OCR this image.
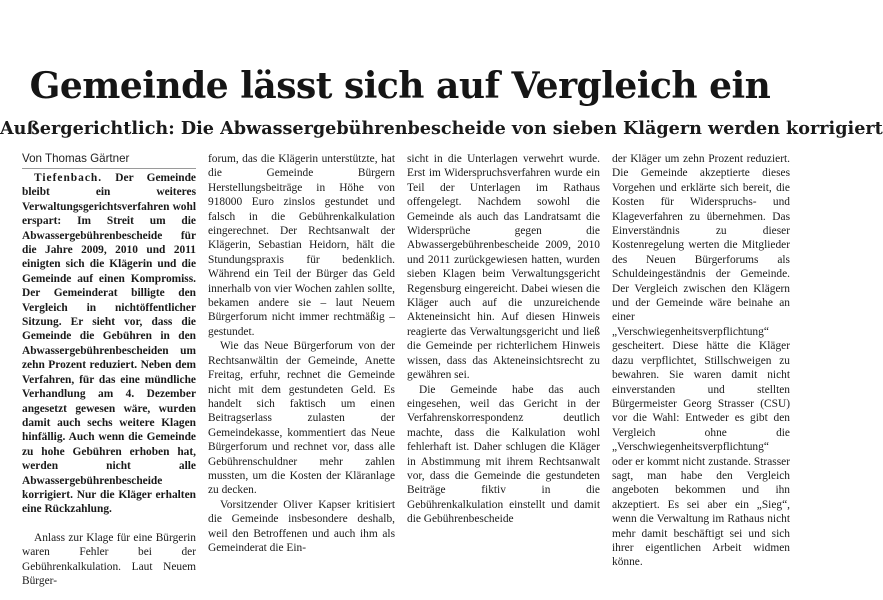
Gemeinde lässt sich auf Vergleich ein
Außergerichtlich: Die Abwassergebührenbescheide von sieben Klägern werden korrigiert
Von Thomas Gärtner

Tiefenbach. Der Gemeinde bleibt ein weiteres Verwaltungsgerichtsverfahren wohl erspart: Im Streit um die Abwassergebührenbescheide für die Jahre 2009, 2010 und 2011 einigten sich die Klägerin und die Gemeinde auf einen Kompromiss. Der Gemeinderat billigte den Vergleich in nichtöffentlicher Sitzung. Er sieht vor, dass die Gemeinde die Gebühren in den Abwassergebührenbescheiden um zehn Prozent reduziert. Neben dem Verfahren, für das eine mündliche Verhandlung am 4. Dezember angesetzt gewesen wäre, wurden damit auch sechs weitere Klagen hinfällig. Auch wenn die Gemeinde zu hohe Gebühren erhoben hat, werden nicht alle Abwassergebührenbescheide korrigiert. Nur die Kläger erhalten eine Rückzahlung.

Anlass zur Klage für eine Bürgerin waren Fehler bei der Gebührenkalkulation. Laut Neuem Bürger-

forum, das die Klägerin unterstützte, hat die Gemeinde Bürgern Herstellungsbeiträge in Höhe von 918000 Euro zinslos gestundet und falsch in die Gebührenkalkulation eingerechnet. Der Rechtsanwalt der Klägerin, Sebastian Heidorn, hält die Stundungspraxis für bedenklich. Während ein Teil der Bürger das Geld innerhalb von vier Wochen zahlen sollte, bekamen andere sie – laut Neuem Bürgerforum nicht immer rechtmäßig – gestundet.

Wie das Neue Bürgerforum von der Rechtsanwältin der Gemeinde, Anette Freitag, erfuhr, rechnet die Gemeinde nicht mit dem gestundeten Geld. Es handelt sich faktisch um einen Beitragserlass zulasten der Gemeindekasse, kommentiert das Neue Bürgerforum und rechnet vor, dass alle Gebührenschuldner mehr zahlen mussten, um die Kosten der Kläranlage zu decken.

Vorsitzender Oliver Kapser kritisiert die Gemeinde insbesondere deshalb, weil den Betroffenen und auch ihm als Gemeinderat die Ein-

sicht in die Unterlagen verwehrt wurde. Erst im Widerspruchsverfahren wurde ein Teil der Unterlagen im Rathaus offengelegt. Nachdem sowohl die Gemeinde als auch das Landratsamt die Widersprüche gegen die Abwassergebührenbescheide 2009, 2010 und 2011 zurückgewiesen hatten, wurden sieben Klagen beim Verwaltungsgericht Regensburg eingereicht. Dabei wiesen die Kläger auch auf die unzureichende Akteneinsicht hin. Auf diesen Hinweis reagierte das Verwaltungsgericht und ließ die Gemeinde per richterlichem Hinweis wissen, dass das Akteneinsichtsrecht zu gewähren sei.

Die Gemeinde habe das auch eingesehen, weil das Gericht in der Verfahrenskorrespondenz deutlich machte, dass die Kalkulation wohl fehlerhaft ist. Daher schlugen die Kläger in Abstimmung mit ihrem Rechtsanwalt vor, dass die Gemeinde die gestundeten Beiträge fiktiv in die Gebührenkalkulation einstellt und damit die Gebührenbescheide

der Kläger um zehn Prozent reduziert. Die Gemeinde akzeptierte dieses Vorgehen und erklärte sich bereit, die Kosten für Widerspruchs- und Klageverfahren zu übernehmen. Das Einverständnis zu dieser Kostenregelung werten die Mitglieder des Neuen Bürgerforums als Schuldeingeständnis der Gemeinde. Der Vergleich zwischen den Klägern und der Gemeinde wäre beinahe an einer „Verschwiegenheitsverpflichtung“ gescheitert. Diese hätte die Kläger dazu verpflichtet, Stillschweigen zu bewahren. Sie waren damit nicht einverstanden und stellten Bürgermeister Georg Strasser (CSU) vor die Wahl: Entweder es gibt den Vergleich ohne die „Verschwiegenheitsverpflichtung“ oder er kommt nicht zustande. Strasser sagt, man habe den Vergleich angeboten bekommen und ihn akzeptiert. Es sei aber ein „Sieg“, wenn die Verwaltung im Rathaus nicht mehr damit beschäftigt sei und sich ihrer eigentlichen Arbeit widmen könne.
